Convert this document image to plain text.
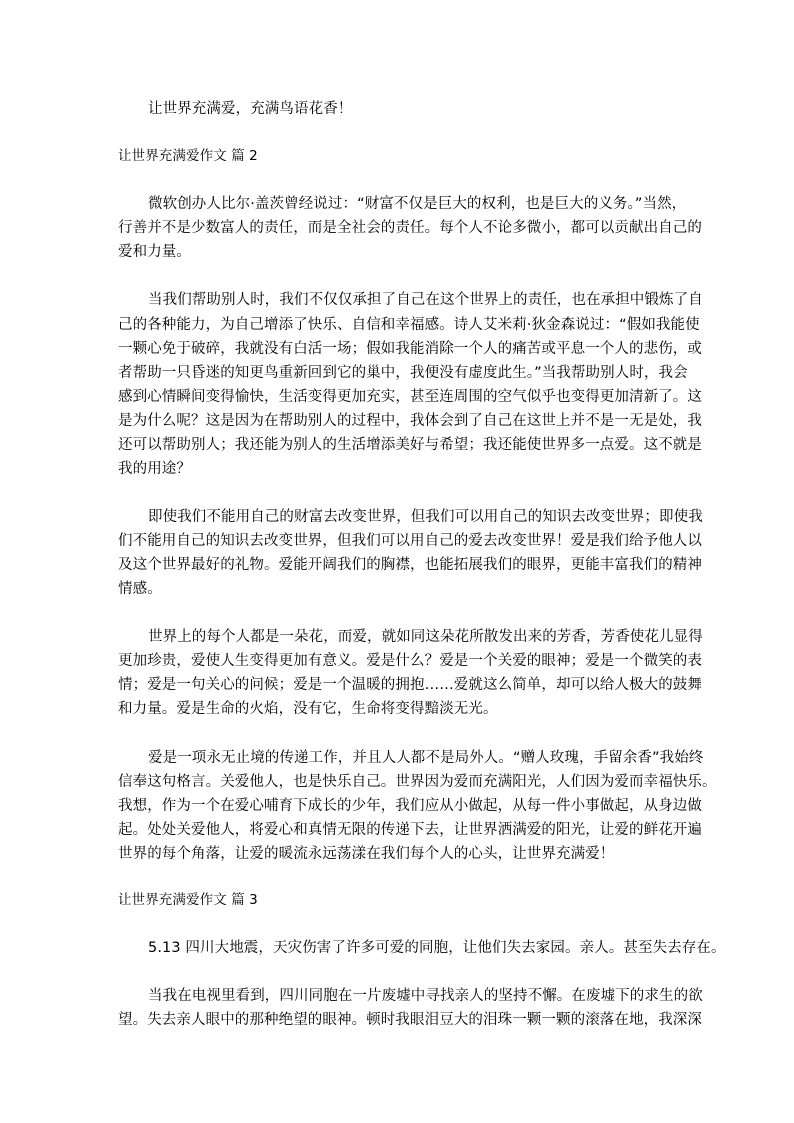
让世界充满爱，充满鸟语花香！
让世界充满爱作文 篇 2
微软创办人比尔·盖茨曾经说过：“财富不仅是巨大的权利，也是巨大的义务。”当然，
行善并不是少数富人的责任，而是全社会的责任。每个人不论多微小，都可以贡献出自己的
爱和力量。
当我们帮助别人时，我们不仅仅承担了自己在这个世界上的责任，也在承担中锻炼了自
己的各种能力，为自己增添了快乐、自信和幸福感。诗人艾米莉·狄金森说过：“假如我能使
一颗心免于破碎，我就没有白活一场；假如我能消除一个人的痛苦或平息一个人的悲伤，或
者帮助一只昏迷的知更鸟重新回到它的巢中，我便没有虚度此生。”当我帮助别人时，我会
感到心情瞬间变得愉快，生活变得更加充实，甚至连周围的空气似乎也变得更加清新了。这
是为什么呢？这是因为在帮助别人的过程中，我体会到了自己在这世上并不是一无是处，我
还可以帮助别人；我还能为别人的生活增添美好与希望；我还能使世界多一点爱。这不就是
我的用途？
即使我们不能用自己的财富去改变世界，但我们可以用自己的知识去改变世界；即使我
们不能用自己的知识去改变世界，但我们可以用自己的爱去改变世界！爱是我们给予他人以
及这个世界最好的礼物。爱能开阔我们的胸襟，也能拓展我们的眼界，更能丰富我们的精神
情感。
世界上的每个人都是一朵花，而爱，就如同这朵花所散发出来的芳香，芳香使花儿显得
更加珍贵，爱使人生变得更加有意义。爱是什么？爱是一个关爱的眼神；爱是一个微笑的表
情；爱是一句关心的问候；爱是一个温暖的拥抱……爱就这么简单，却可以给人极大的鼓舞
和力量。爱是生命的火焰，没有它，生命将变得黯淡无光。
爱是一项永无止境的传递工作，并且人人都不是局外人。“赠人玫瑰，手留余香”我始终
信奉这句格言。关爱他人，也是快乐自己。世界因为爱而充满阳光，人们因为爱而幸福快乐。
我想，作为一个在爱心哺育下成长的少年，我们应从小做起，从每一件小事做起，从身边做
起。处处关爱他人，将爱心和真情无限的传递下去，让世界洒满爱的阳光，让爱的鲜花开遍
世界的每个角落，让爱的暖流永远荡漾在我们每个人的心头，让世界充满爱！
让世界充满爱作文 篇 3
5.13 四川大地震，天灾伤害了许多可爱的同胞，让他们失去家园。亲人。甚至失去存在。
当我在电视里看到，四川同胞在一片废墟中寻找亲人的坚持不懈。在废墟下的求生的欲
望。失去亲人眼中的那种绝望的眼神。顿时我眼泪豆大的泪珠一颗一颗的滚落在地，我深深
